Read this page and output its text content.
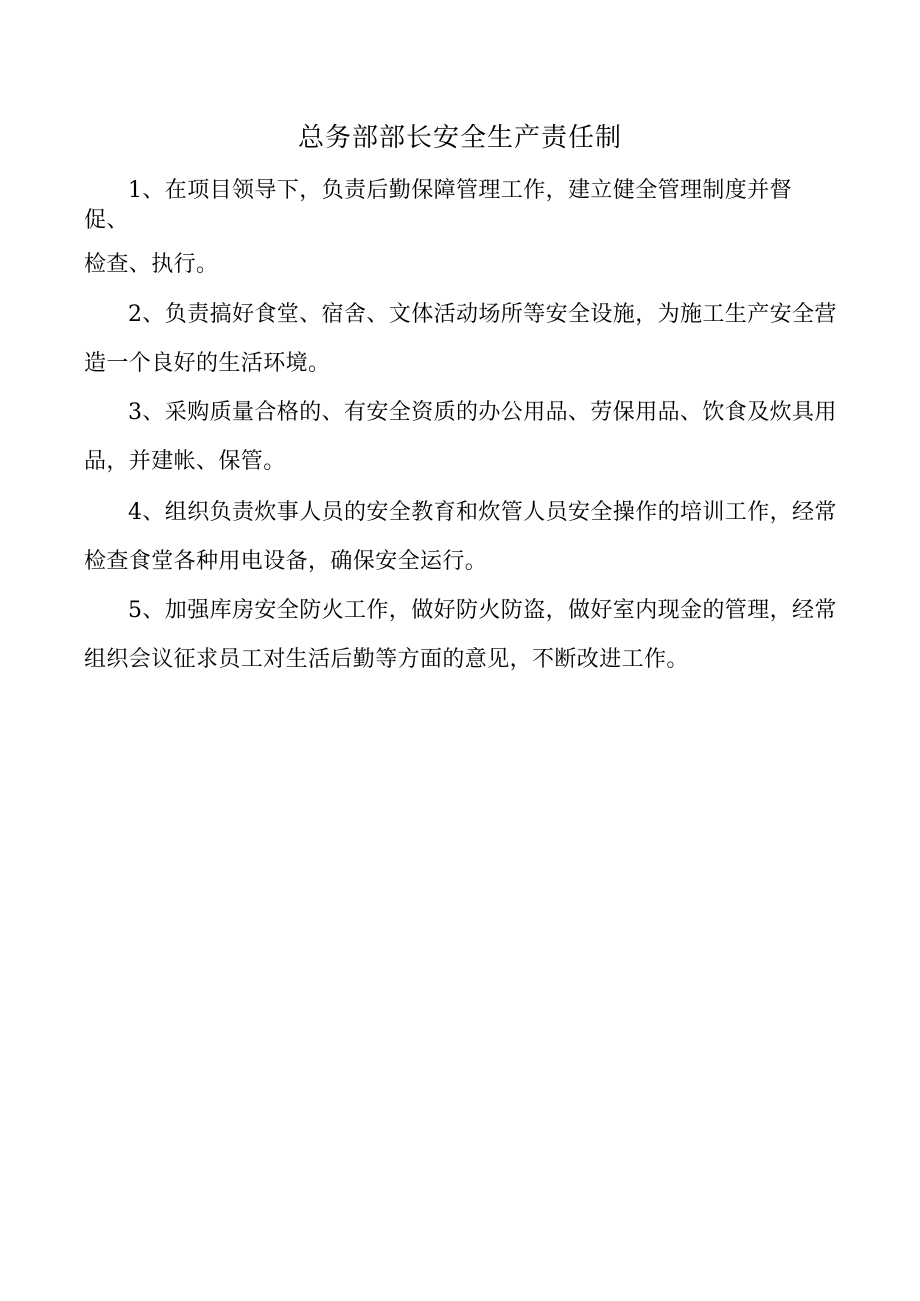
总务部部长安全生产责任制
1、在项目领导下，负责后勤保障管理工作，建立健全管理制度并督
促、
检查、执行。

2、负责搞好食堂、宿舍、文体活动场所等安全设施，为施工生产安全营造一个良好的生活环境。

3、采购质量合格的、有安全资质的办公用品、劳保用品、饮食及炊具用品，并建帐、保管。

4、组织负责炊事人员的安全教育和炊管人员安全操作的培训工作，经常检查食堂各种用电设备，确保安全运行。

5、加强库房安全防火工作，做好防火防盗，做好室内现金的管理，经常组织会议征求员工对生活后勤等方面的意见，不断改进工作。
